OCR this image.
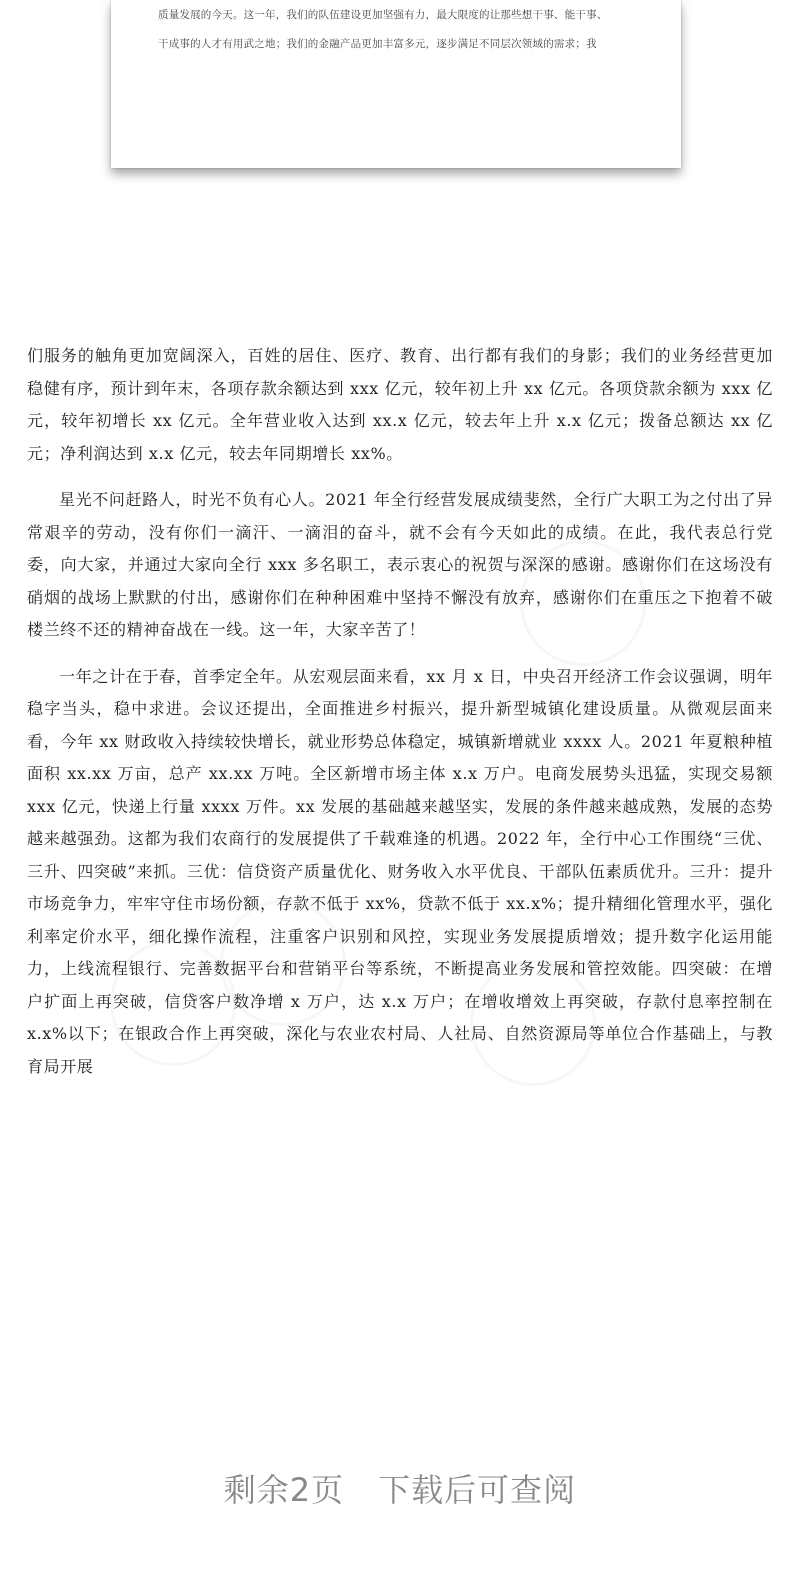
质量发展的今天。这一年，我们的队伍建设更加坚强有力，最大限度的让那些想干事、能干事、
干成事的人才有用武之地；我们的金融产品更加丰富多元，逐步满足不同层次领域的需求；我

们服务的触角更加宽阔深入，百姓的居住、医疗、教育、出行都有我们的身影；我们的业务经营更加稳健有序，预计到年末，各项存款余额达到 xxx 亿元，较年初上升 xx 亿元。各项贷款余额为 xxx 亿元，较年初增长 xx 亿元。全年营业收入达到 xx.x 亿元，较去年上升 x.x 亿元；拨备总额达 xx 亿元；净利润达到 x.x 亿元，较去年同期增长 xx%。

星光不问赶路人，时光不负有心人。2021 年全行经营发展成绩斐然，全行广大职工为之付出了异常艰辛的劳动，没有你们一滴汗、一滴泪的奋斗，就不会有今天如此的成绩。在此，我代表总行党委，向大家，并通过大家向全行 xxx 多名职工，表示衷心的祝贺与深深的感谢。感谢你们在这场没有硝烟的战场上默默的付出，感谢你们在种种困难中坚持不懈没有放弃，感谢你们在重压之下抱着不破楼兰终不还的精神奋战在一线。这一年，大家辛苦了！

一年之计在于春，首季定全年。从宏观层面来看，xx 月 x 日，中央召开经济工作会议强调，明年稳字当头，稳中求进。会议还提出，全面推进乡村振兴，提升新型城镇化建设质量。从微观层面来看，今年 xx 财政收入持续较快增长，就业形势总体稳定，城镇新增就业 xxxx 人。2021 年夏粮种植面积 xx.xx 万亩，总产 xx.xx 万吨。全区新增市场主体 x.x 万户。电商发展势头迅猛，实现交易额 xxx 亿元，快递上行量 xxxx 万件。xx 发展的基础越来越坚实，发展的条件越来越成熟，发展的态势越来越强劲。这都为我们农商行的发展提供了千载难逢的机遇。2022 年，全行中心工作围绕“三优、三升、四突破”来抓。三优：信贷资产质量优化、财务收入水平优良、干部队伍素质优升。三升：提升市场竞争力，牢牢守住市场份额，存款不低于 xx%，贷款不低于 xx.x%；提升精细化管理水平，强化利率定价水平，细化操作流程，注重客户识别和风控，实现业务发展提质增效；提升数字化运用能力，上线流程银行、完善数据平台和营销平台等系统，不断提高业务发展和管控效能。四突破：在增户扩面上再突破，信贷客户数净增 x 万户，达 x.x 万户；在增收增效上再突破，存款付息率控制在 x.x%以下；在银政合作上再突破，深化与农业农村局、人社局、自然资源局等单位合作基础上，与教育局开展

剩余2页 下载后可查阅
